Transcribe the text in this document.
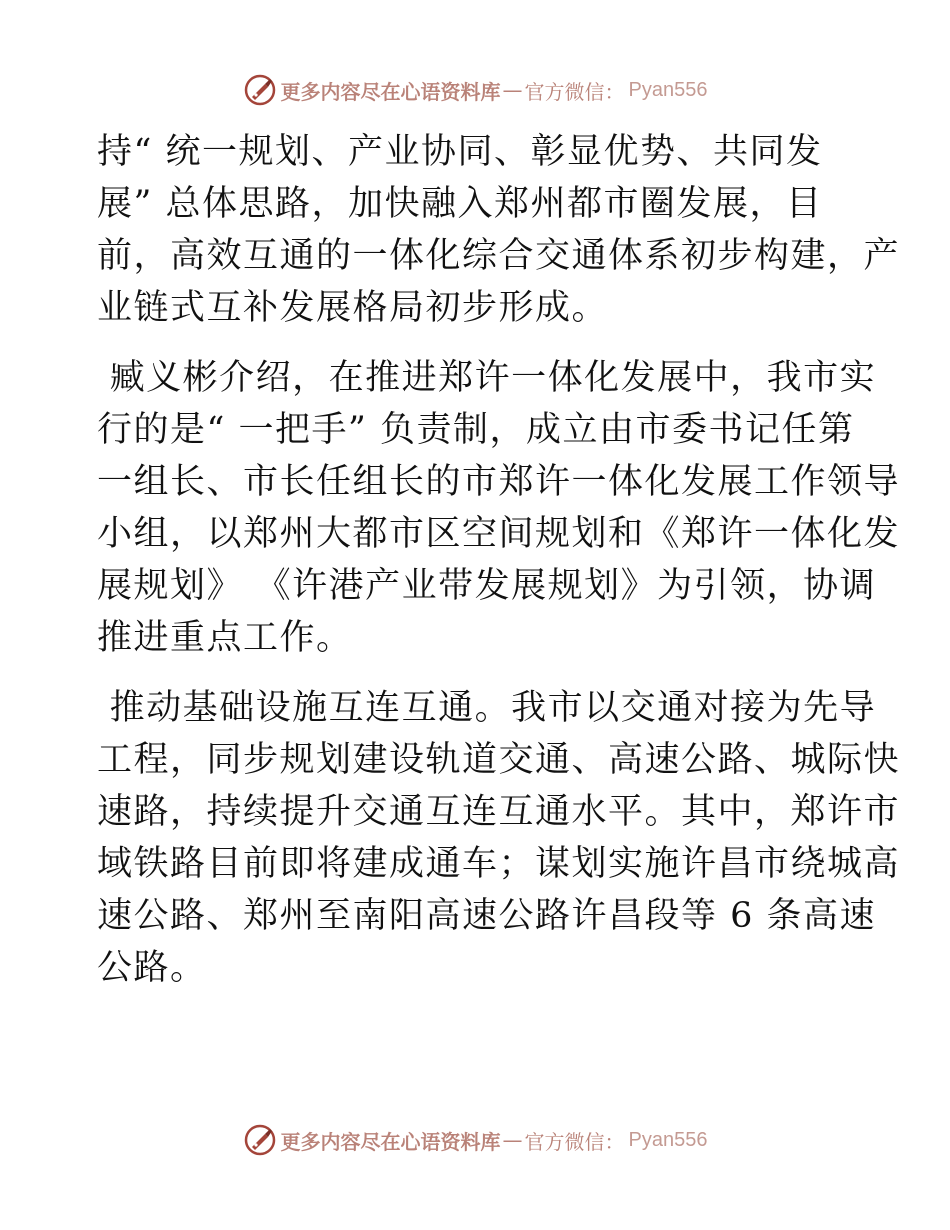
更多内容尽在心语资料库 — 官方微信： Pyan556
持“ 统一规划、产业协同、彰显优势、共同发
展” 总体思路，加快融入郑州都市圈发展，目
前，高效互通的一体化综合交通体系初步构建，产
业链式互补发展格局初步形成。
臧义彬介绍，在推进郑许一体化发展中，我市实
行的是“ 一把手” 负责制，成立由市委书记任第
一组长、市长任组长的市郑许一体化发展工作领导
小组，以郑州大都市区空间规划和《郑许一体化发
展规划》 《许港产业带发展规划》为引领，协调
推进重点工作。
推动基础设施互连互通。我市以交通对接为先导
工程，同步规划建设轨道交通、高速公路、城际快
速路，持续提升交通互连互通水平。其中，郑许市
域铁路目前即将建成通车；谋划实施许昌市绕城高
速公路、郑州至南阳高速公路许昌段等 6 条高速
公路。
更多内容尽在心语资料库 — 官方微信： Pyan556
